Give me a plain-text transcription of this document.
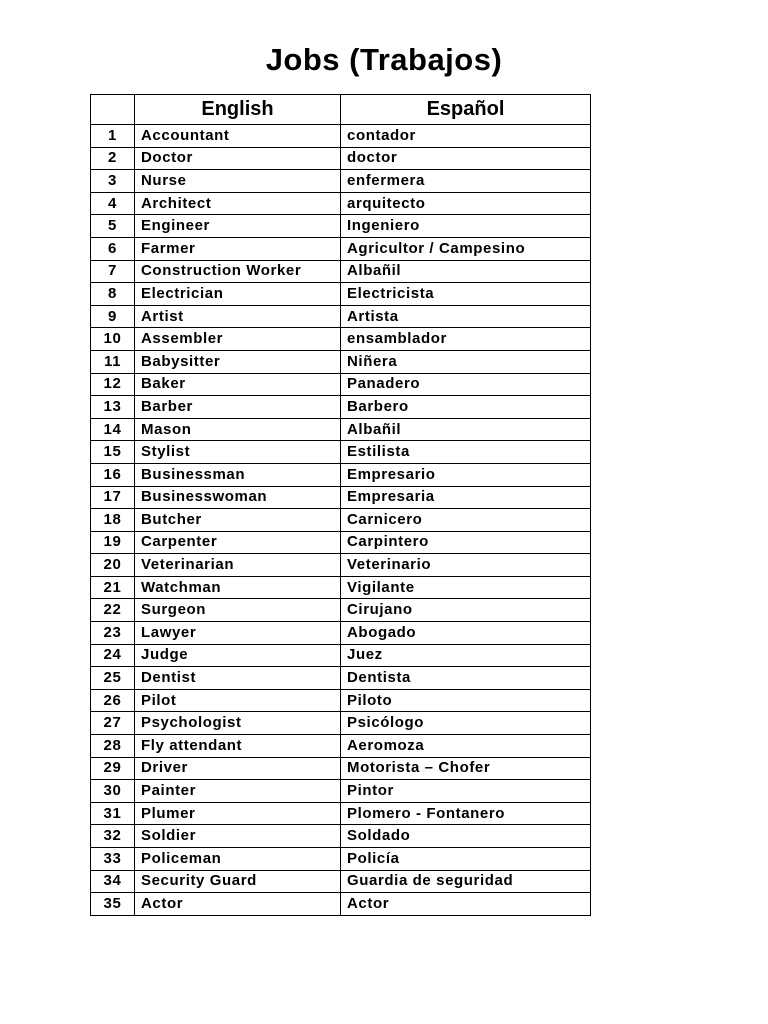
Jobs (Trabajos)
	English	Español
1	Accountant	contador
2	Doctor	doctor
3	Nurse	enfermera
4	Architect	arquitecto
5	Engineer	Ingeniero
6	Farmer	Agricultor / Campesino
7	Construction Worker	Albañil
8	Electrician	Electricista
9	Artist	Artista
10	Assembler	ensamblador
11	Babysitter	Niñera
12	Baker	Panadero
13	Barber	Barbero
14	Mason	Albañil
15	Stylist	Estilista
16	Businessman	Empresario
17	Businesswoman	Empresaria
18	Butcher	Carnicero
19	Carpenter	Carpintero
20	Veterinarian	Veterinario
21	Watchman	Vigilante
22	Surgeon	Cirujano
23	Lawyer	Abogado
24	Judge	Juez
25	Dentist	Dentista
26	Pilot	Piloto
27	Psychologist	Psicólogo
28	Fly attendant	Aeromoza
29	Driver	Motorista – Chofer
30	Painter	Pintor
31	Plumer	Plomero - Fontanero
32	Soldier	Soldado
33	Policeman	Policía
34	Security Guard	Guardia de seguridad
35	Actor	Actor
